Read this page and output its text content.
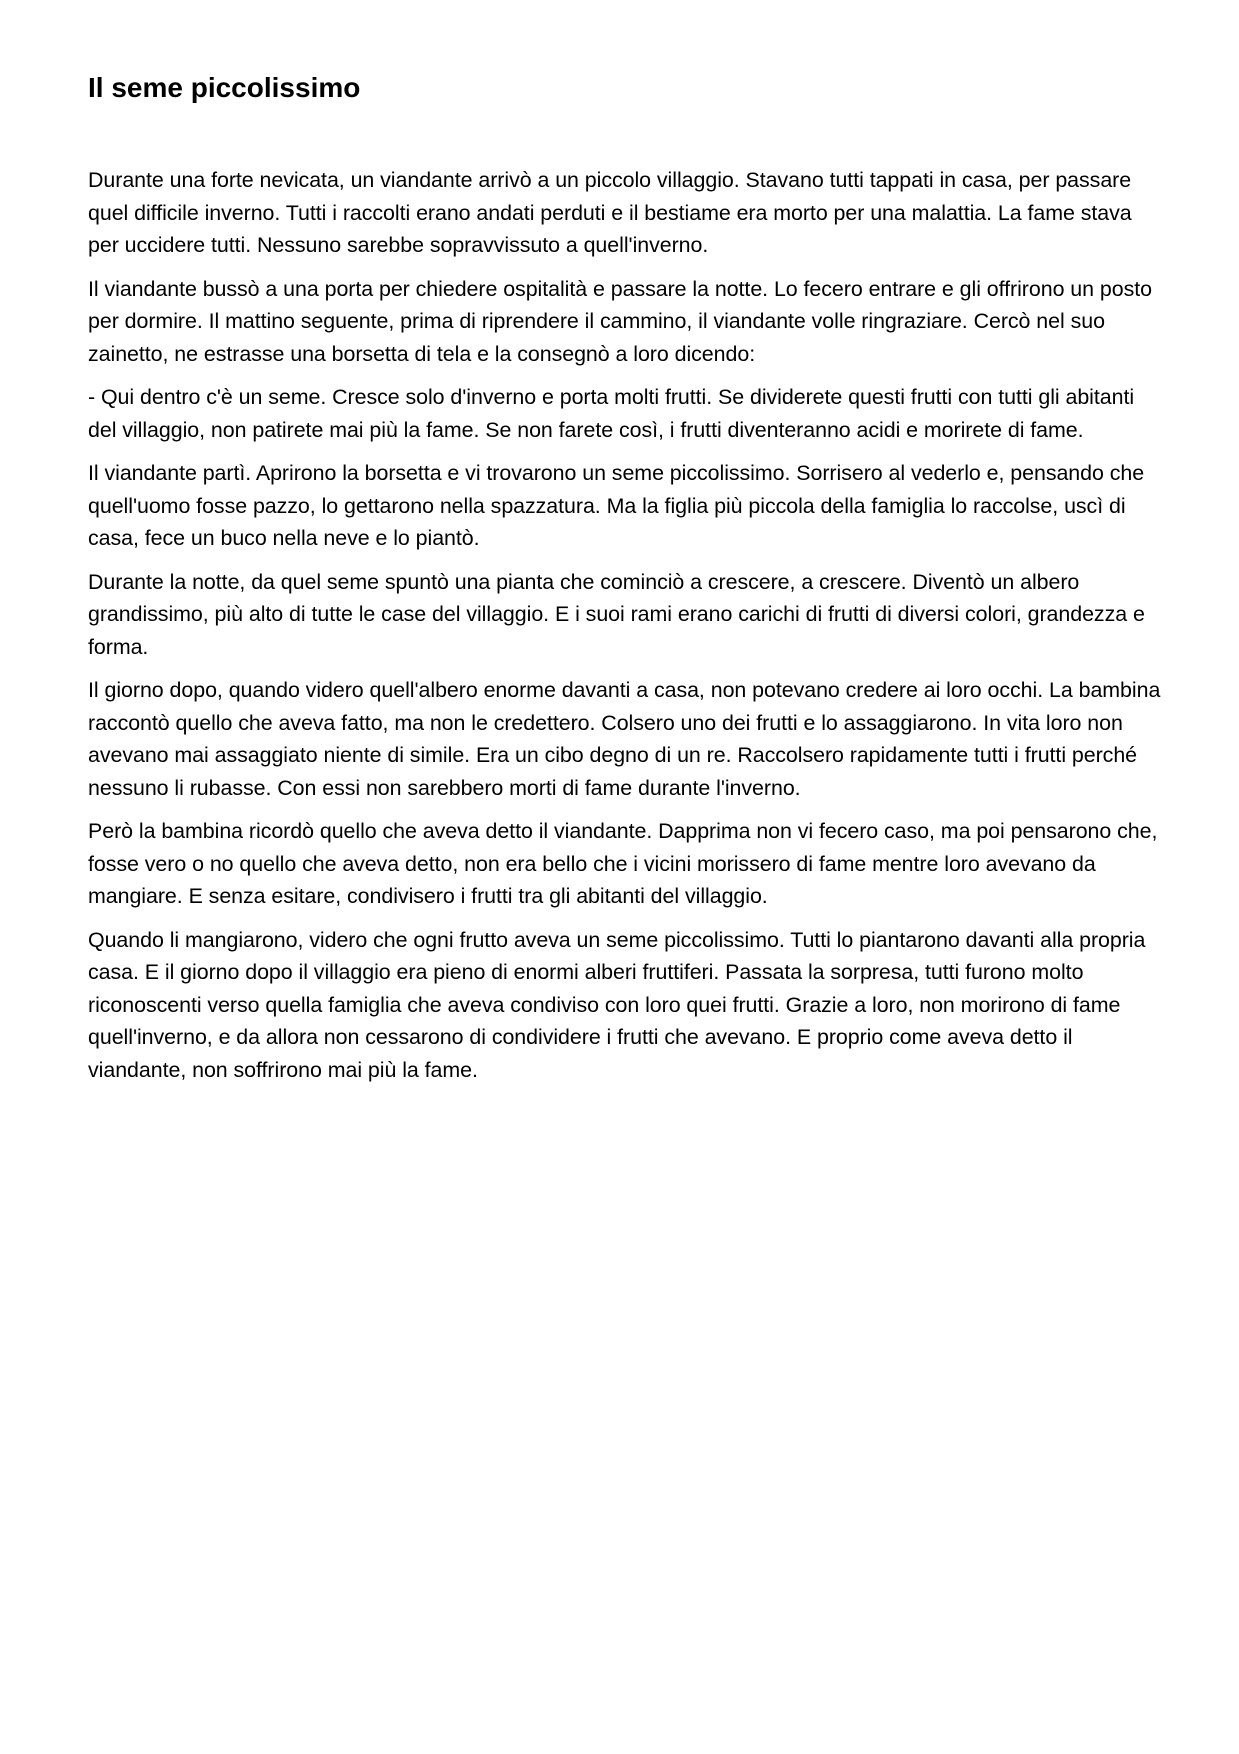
Il seme piccolissimo

Durante una forte nevicata, un viandante arrivò a un piccolo villaggio. Stavano tutti tappati in casa, per passare quel difficile inverno. Tutti i raccolti erano andati perduti e il bestiame era morto per una malattia. La fame stava per uccidere tutti. Nessuno sarebbe sopravvissuto a quell'inverno.

Il viandante bussò a una porta per chiedere ospitalità e passare la notte. Lo fecero entrare e gli offrirono un posto per dormire. Il mattino seguente, prima di riprendere il cammino, il viandante volle ringraziare. Cercò nel suo zainetto, ne estrasse una borsetta di tela e la consegnò a loro dicendo:

- Qui dentro c'è un seme. Cresce solo d'inverno e porta molti frutti. Se dividerete questi frutti con tutti gli abitanti del villaggio, non patirete mai più la fame. Se non farete così, i frutti diventeranno acidi e morirete di fame.

Il viandante partì. Aprirono la borsetta e vi trovarono un seme piccolissimo. Sorrisero al vederlo e, pensando che quell'uomo fosse pazzo, lo gettarono nella spazzatura. Ma la figlia più piccola della famiglia lo raccolse, uscì di casa, fece un buco nella neve e lo piantò.

Durante la notte, da quel seme spuntò una pianta che cominciò a crescere, a crescere. Diventò un albero grandissimo, più alto di tutte le case del villaggio. E i suoi rami erano carichi di frutti di diversi colori, grandezza e forma.

Il giorno dopo, quando videro quell'albero enorme davanti a casa, non potevano credere ai loro occhi. La bambina raccontò quello che aveva fatto, ma non le credettero. Colsero uno dei frutti e lo assaggiarono. In vita loro non avevano mai assaggiato niente di simile. Era un cibo degno di un re. Raccolsero rapidamente tutti i frutti perché nessuno li rubasse. Con essi non sarebbero morti di fame durante l'inverno.

Però la bambina ricordò quello che aveva detto il viandante. Dapprima non vi fecero caso, ma poi pensarono che, fosse vero o no quello che aveva detto, non era bello che i vicini morissero di fame mentre loro avevano da mangiare. E senza esitare, condivisero i frutti tra gli abitanti del villaggio.

Quando li mangiarono, videro che ogni frutto aveva un seme piccolissimo. Tutti lo piantarono davanti alla propria casa. E il giorno dopo il villaggio era pieno di enormi alberi fruttiferi. Passata la sorpresa, tutti furono molto riconoscenti verso quella famiglia che aveva condiviso con loro quei frutti. Grazie a loro, non morirono di fame quell'inverno, e da allora non cessarono di condividere i frutti che avevano. E proprio come aveva detto il viandante, non soffrirono mai più la fame.
